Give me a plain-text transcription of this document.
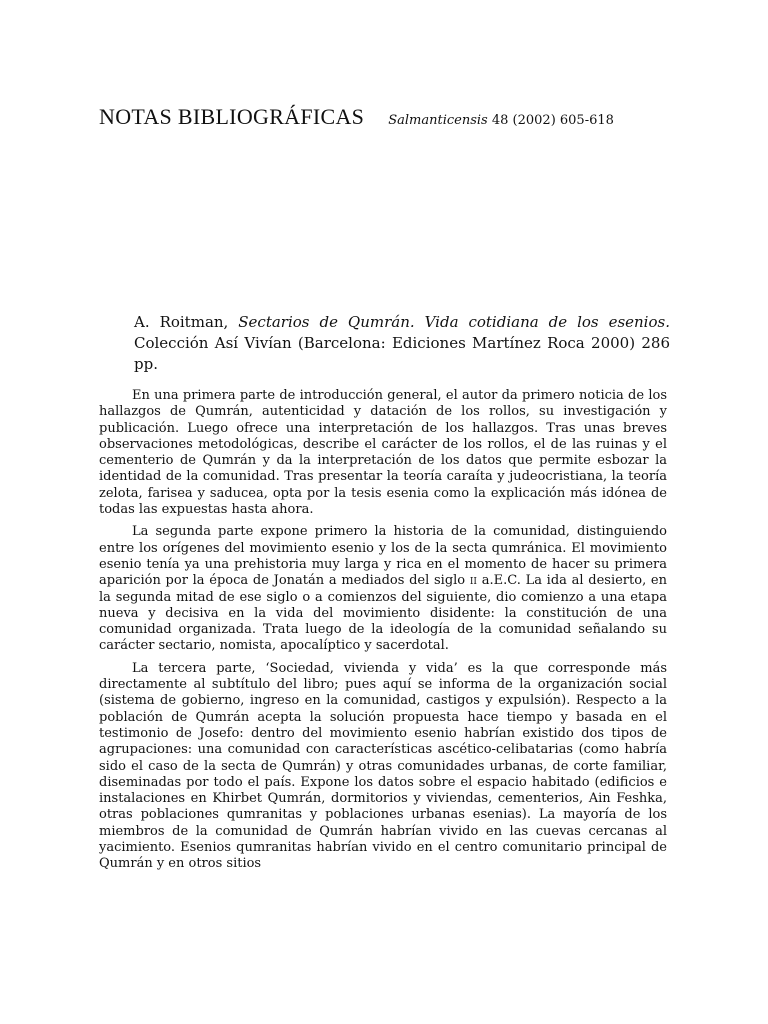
NOTAS BIBLIOGRÁFICAS Salmanticensis 48 (2002) 605-618
A. Roitman, Sectarios de Qumrán. Vida cotidiana de los esenios. Colección Así Vivían (Barcelona: Ediciones Martínez Roca 2000) 286 pp.

En una primera parte de introducción general, el autor da primero noticia de los hallazgos de Qumrán, autenticidad y datación de los rollos, su investigación y publicación. Luego ofrece una interpretación de los hallazgos. Tras unas breves observaciones metodológicas, describe el carácter de los rollos, el de las ruinas y el cementerio de Qumrán y da la interpretación de los datos que permite esbozar la identidad de la comunidad. Tras presentar la teoría caraíta y judeocristiana, la teoría zelota, farisea y saducea, opta por la tesis esenia como la explicación más idónea de todas las expuestas hasta ahora.

La segunda parte expone primero la historia de la comunidad, distinguiendo entre los orígenes del movimiento esenio y los de la secta qumránica. El movimiento esenio tenía ya una prehistoria muy larga y rica en el momento de hacer su primera aparición por la época de Jonatán a mediados del siglo ii a.E.C. La ida al desierto, en la segunda mitad de ese siglo o a comienzos del siguiente, dio comienzo a una etapa nueva y decisiva en la vida del movimiento disidente: la constitución de una comunidad organizada. Trata luego de la ideología de la comunidad señalando su carácter sectario, nomista, apocalíptico y sacerdotal.

La tercera parte, ‘Sociedad, vivienda y vida’ es la que corresponde más directamente al subtítulo del libro; pues aquí se informa de la organización social (sistema de gobierno, ingreso en la comunidad, castigos y expulsión). Respecto a la población de Qumrán acepta la solución propuesta hace tiempo y basada en el testimonio de Josefo: dentro del movimiento esenio habrían existido dos tipos de agrupaciones: una comunidad con características ascético-celibatarias (como habría sido el caso de la secta de Qumrán) y otras comunidades urbanas, de corte familiar, diseminadas por todo el país. Expone los datos sobre el espacio habitado (edificios e instalaciones en Khirbet Qumrán, dormitorios y viviendas, cementerios, Ain Feshka, otras poblaciones qumranitas y poblaciones urbanas esenias). La mayoría de los miembros de la comunidad de Qumrán habrían vivido en las cuevas cercanas al yacimiento. Esenios qumranitas habrían vivido en el centro comunitario principal de Qumrán y en otros sitios
